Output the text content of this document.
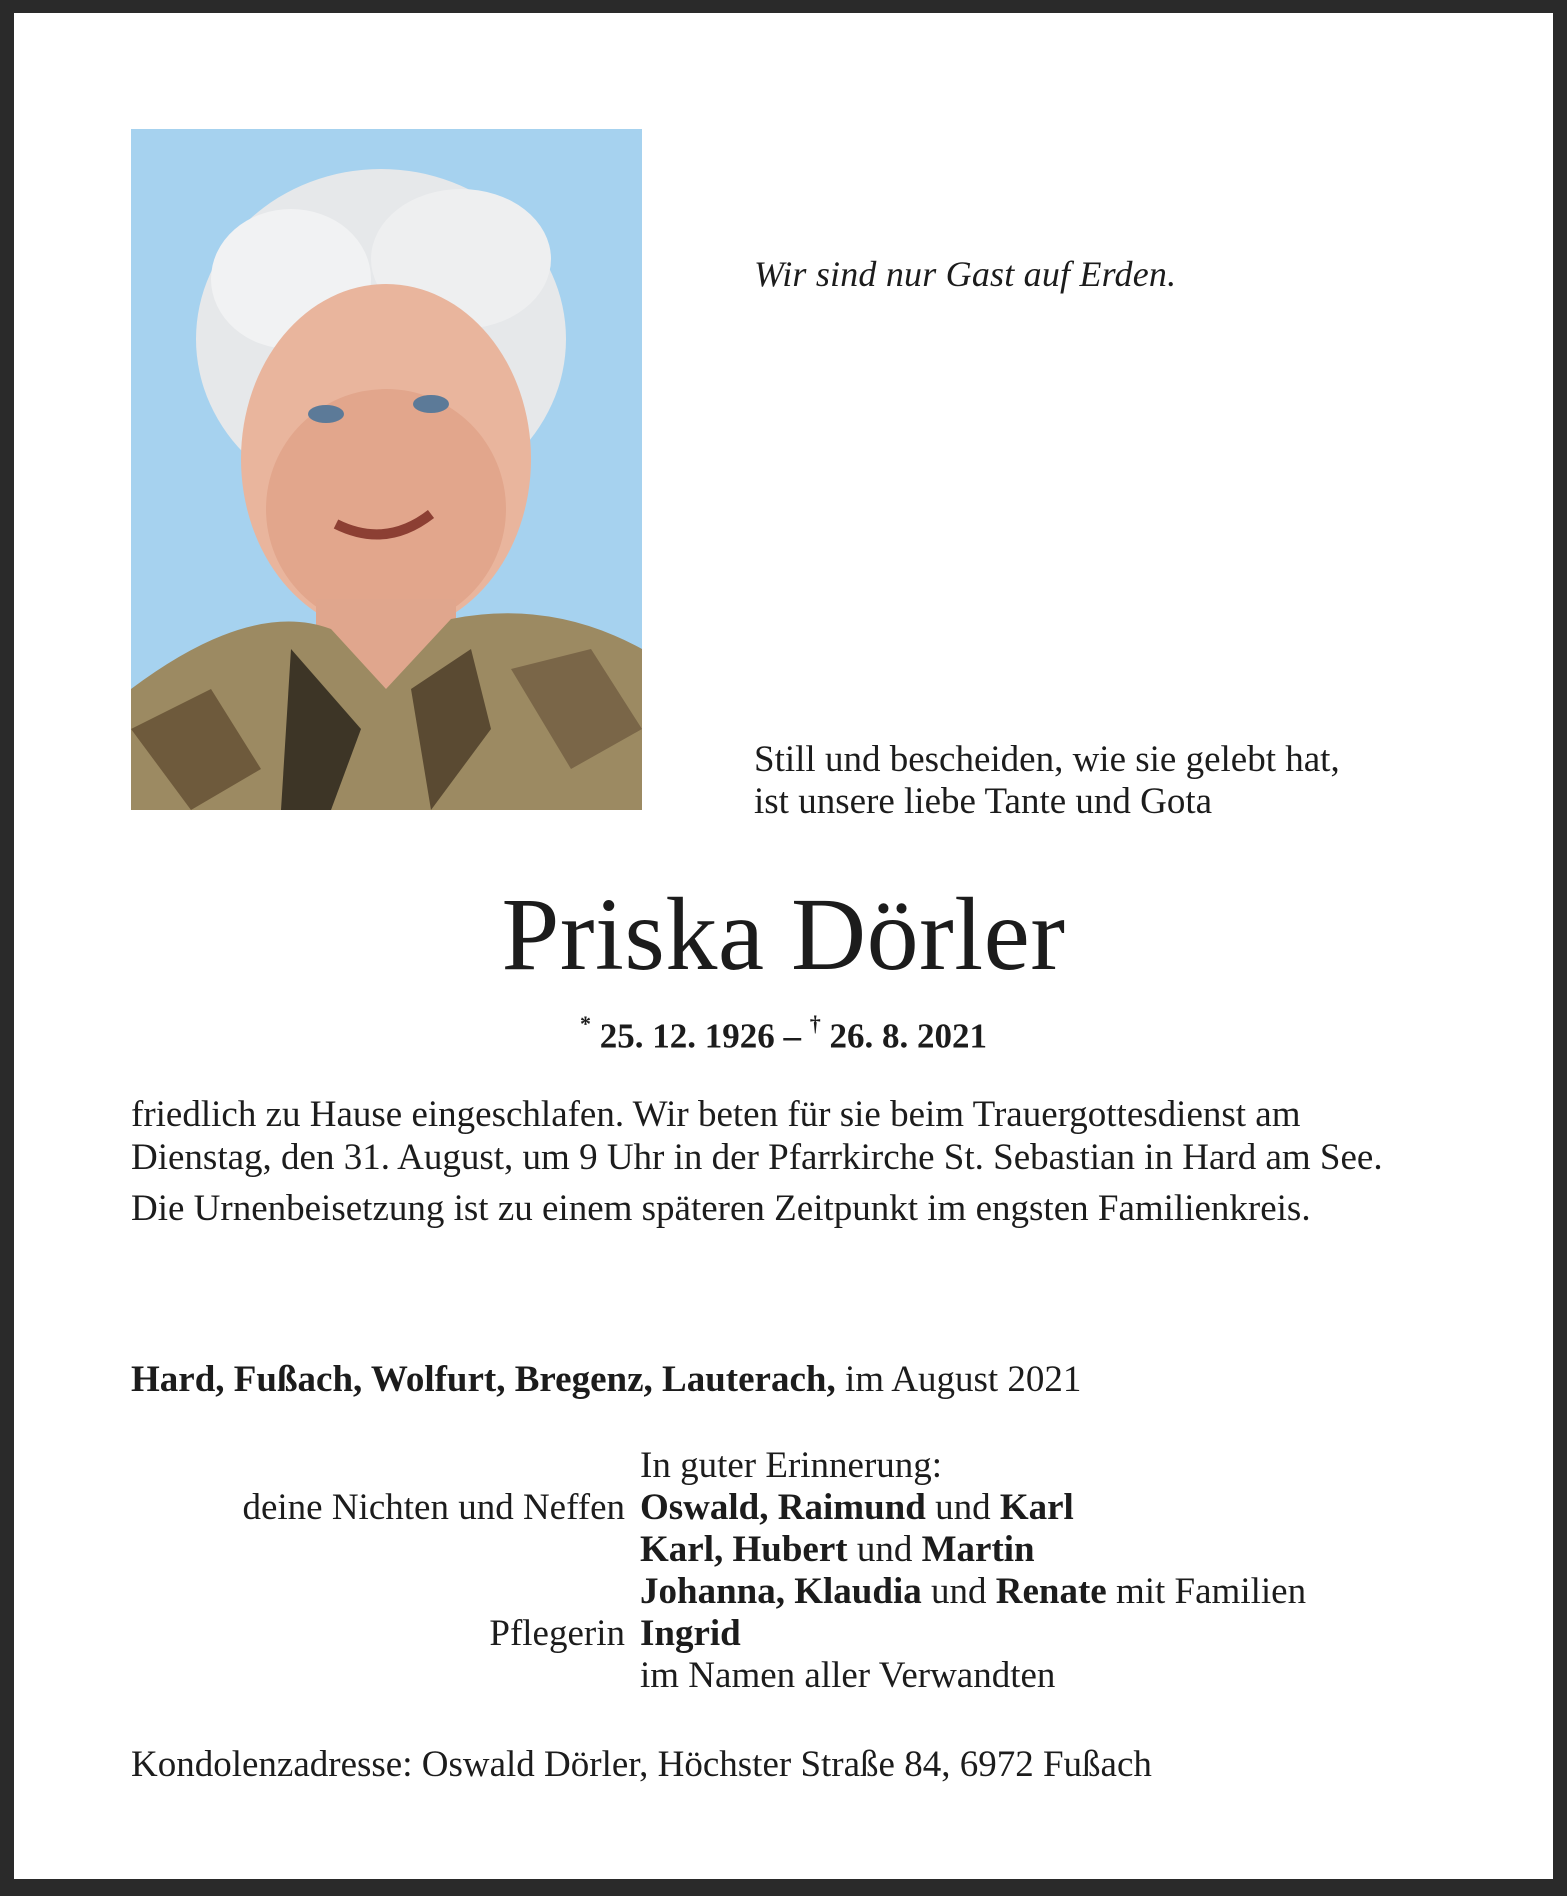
Wir sind nur Gast auf Erden.
Still und bescheiden, wie sie gelebt hat,
ist unsere liebe Tante und Gota
Priska Dörler
* 25. 12. 1926 – † 26. 8. 2021

friedlich zu Hause eingeschlafen. Wir beten für sie beim Trauergottesdienst am Dienstag, den 31. August, um 9 Uhr in der Pfarrkirche St. Sebastian in Hard am See.

Die Urnenbeisetzung ist zu einem späteren Zeitpunkt im engsten Familienkreis.

Hard, Fußach, Wolfurt, Bregenz, Lauterach, im August 2021
In guter Erinnerung:
deine Nichten und Neffen Oswald, Raimund und Karl
Karl, Hubert und Martin
Johanna, Klaudia und Renate mit Familien
Pflegerin Ingrid
im Namen aller Verwandten
Kondolenzadresse: Oswald Dörler, Höchster Straße 84, 6972 Fußach
